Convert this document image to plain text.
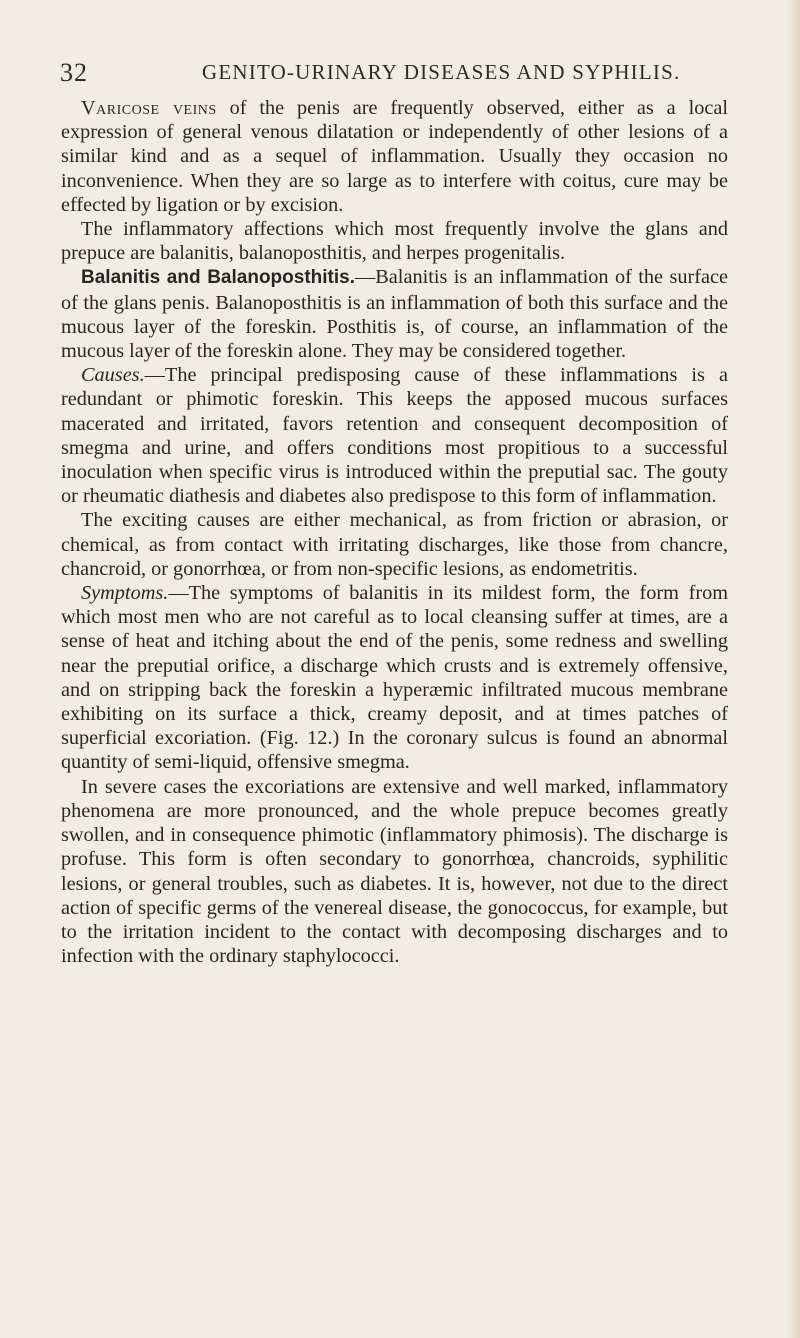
32	GENITO-URINARY DISEASES AND SYPHILIS.

Varicose veins of the penis are frequently observed, either as a local expression of general venous dilatation or independently of other lesions of a similar kind and as a sequel of inflammation. Usually they occasion no inconvenience. When they are so large as to interfere with coitus, cure may be effected by ligation or by excision.

The inflammatory affections which most frequently involve the glans and prepuce are balanitis, balanoposthitis, and herpes progenitalis.

Balanitis and Balanoposthitis.—Balanitis is an inflammation of the surface of the glans penis. Balanoposthitis is an inflammation of both this surface and the mucous layer of the foreskin. Posthitis is, of course, an inflammation of the mucous layer of the foreskin alone. They may be considered together.

Causes.—The principal predisposing cause of these inflammations is a redundant or phimotic foreskin. This keeps the apposed mucous surfaces macerated and irritated, favors retention and consequent decomposition of smegma and urine, and offers conditions most propitious to a successful inoculation when specific virus is introduced within the preputial sac. The gouty or rheumatic diathesis and diabetes also predispose to this form of inflammation.

The exciting causes are either mechanical, as from friction or abrasion, or chemical, as from contact with irritating discharges, like those from chancre, chancroid, or gonorrhœa, or from non-specific lesions, as endometritis.

Symptoms.—The symptoms of balanitis in its mildest form, the form from which most men who are not careful as to local cleansing suffer at times, are a sense of heat and itching about the end of the penis, some redness and swelling near the preputial orifice, a discharge which crusts and is extremely offensive, and on stripping back the foreskin a hyperæmic infiltrated mucous membrane exhibiting on its surface a thick, creamy deposit, and at times patches of superficial excoriation. (Fig. 12.) In the coronary sulcus is found an abnormal quantity of semi-liquid, offensive smegma.

In severe cases the excoriations are extensive and well marked, inflammatory phenomena are more pronounced, and the whole prepuce becomes greatly swollen, and in consequence phimotic (inflammatory phimosis). The discharge is profuse. This form is often secondary to gonorrhœa, chancroids, syphilitic lesions, or general troubles, such as diabetes. It is, however, not due to the direct action of specific germs of the venereal disease, the gonococcus, for example, but to the irritation incident to the contact with decomposing discharges and to infection with the ordinary staphylococci.
